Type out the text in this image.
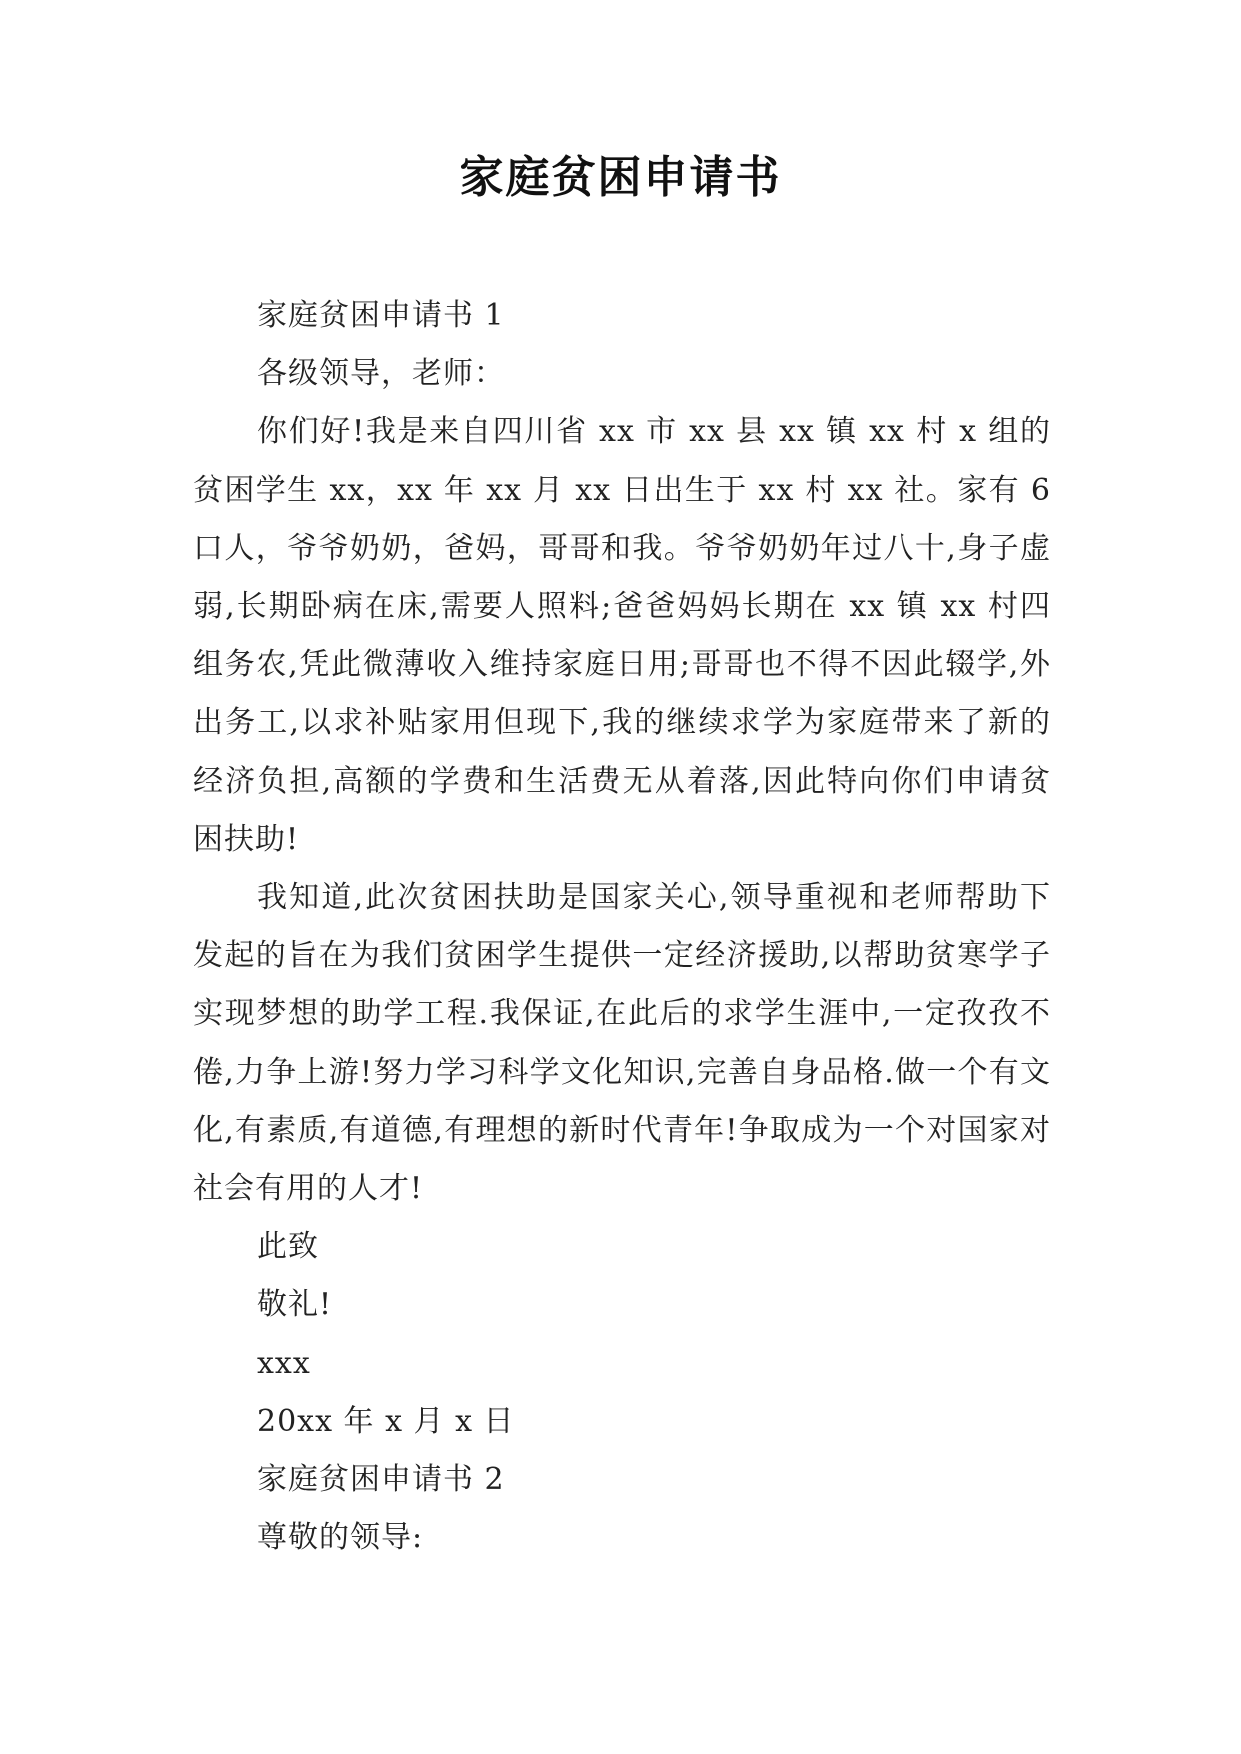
家庭贫困申请书
家庭贫困申请书 1
各级领导，老师：
你们好!我是来自四川省 xx 市 xx 县 xx 镇 xx 村 x 组的贫困学生 xx，xx 年 xx 月 xx 日出生于 xx 村 xx 社。家有 6 口人，爷爷奶奶，爸妈，哥哥和我。爷爷奶奶年过八十,身子虚弱,长期卧病在床,需要人照料;爸爸妈妈长期在 xx 镇 xx 村四组务农,凭此微薄收入维持家庭日用;哥哥也不得不因此辍学,外出务工,以求补贴家用但现下,我的继续求学为家庭带来了新的经济负担,高额的学费和生活费无从着落,因此特向你们申请贫困扶助!
我知道,此次贫困扶助是国家关心,领导重视和老师帮助下发起的旨在为我们贫困学生提供一定经济援助,以帮助贫寒学子实现梦想的助学工程.我保证,在此后的求学生涯中,一定孜孜不倦,力争上游!努力学习科学文化知识,完善自身品格.做一个有文化,有素质,有道德,有理想的新时代青年!争取成为一个对国家对社会有用的人才!
此致
敬礼!
xxx
20xx 年 x 月 x 日
家庭贫困申请书 2
尊敬的领导:
